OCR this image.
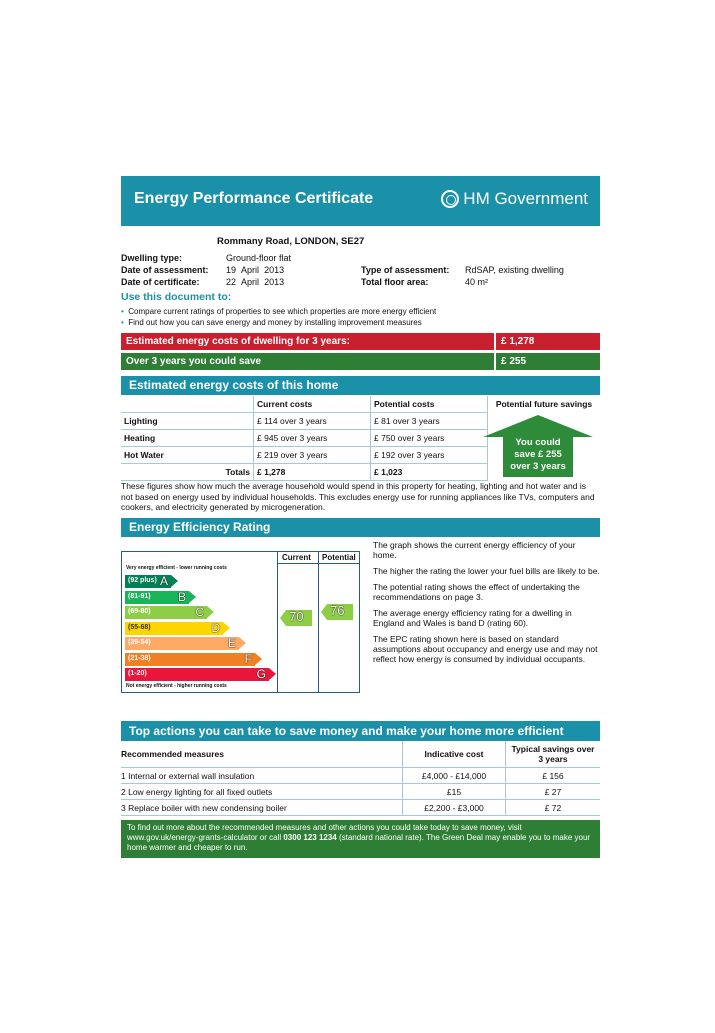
Energy Performance Certificate	HM Government
Rommany Road, LONDON, SE27
Dwelling type:	Ground-floor flat
Date of assessment: 19 April 2013
Date of certificate:	22 April 2013
Type of assessment: RdSAP, existing dwelling
Total floor area:	40 m²
Use this document to:
• Compare current ratings of properties to see which properties are more energy efficient
• Find out how you can save energy and money by installing improvement measures
Estimated energy costs of dwelling for 3 years:	£ 1,278
Over 3 years you could save	£ 255
Estimated energy costs of this home
	Current costs	Potential costs	Potential future savings
Lighting	£ 114 over 3 years	£ 81 over 3 years	
Heating	£ 945 over 3 years	£ 750 over 3 years	
Hot Water	£ 219 over 3 years	£ 192 over 3 years	
Totals	£ 1,278	£ 1,023	
You could
save £ 255
over 3 years
These figures show how much the average household would spend in this property for heating, lighting and hot water and is not based on energy used by individual households. This excludes energy use for running appliances like TVs, computers and cookers, and electricity generated by microgeneration.
Energy Efficiency Rating
Current Potential
Very energy efficient - lower running costs
Not energy efficient - higher running costs
(92 plus) A
(81-91) B
(69-80)	C
(55-68)	D
(39-54)	E
(21-38)	F
(1-20)	G
70 76

The graph shows the current energy efficiency of your home.

The higher the rating the lower your fuel bills are likely to be.

The potential rating shows the effect of undertaking the recommendations on page 3.

The average energy efficiency rating for a dwelling in England and Wales is band D (rating 60).

The EPC rating shown here is based on standard assumptions about occupancy and energy use and may not reflect how energy is consumed by individual occupants.

Top actions you can take to save money and make your home more efficient
Recommended measures	Indicative cost	Typical savings over 3 years
1 Internal or external wall insulation	£4,000 - £14,000	£ 156
2 Low energy lighting for all fixed outlets	£15	£ 27
3 Replace boiler with new condensing boiler	£2,200 - £3,000	£ 72
To find out more about the recommended measures and other actions you could take today to save money, visit www.gov.uk/energy-grants-calculator or call 0300 123 1234 (standard national rate). The Green Deal may enable you to make your home warmer and cheaper to run.
